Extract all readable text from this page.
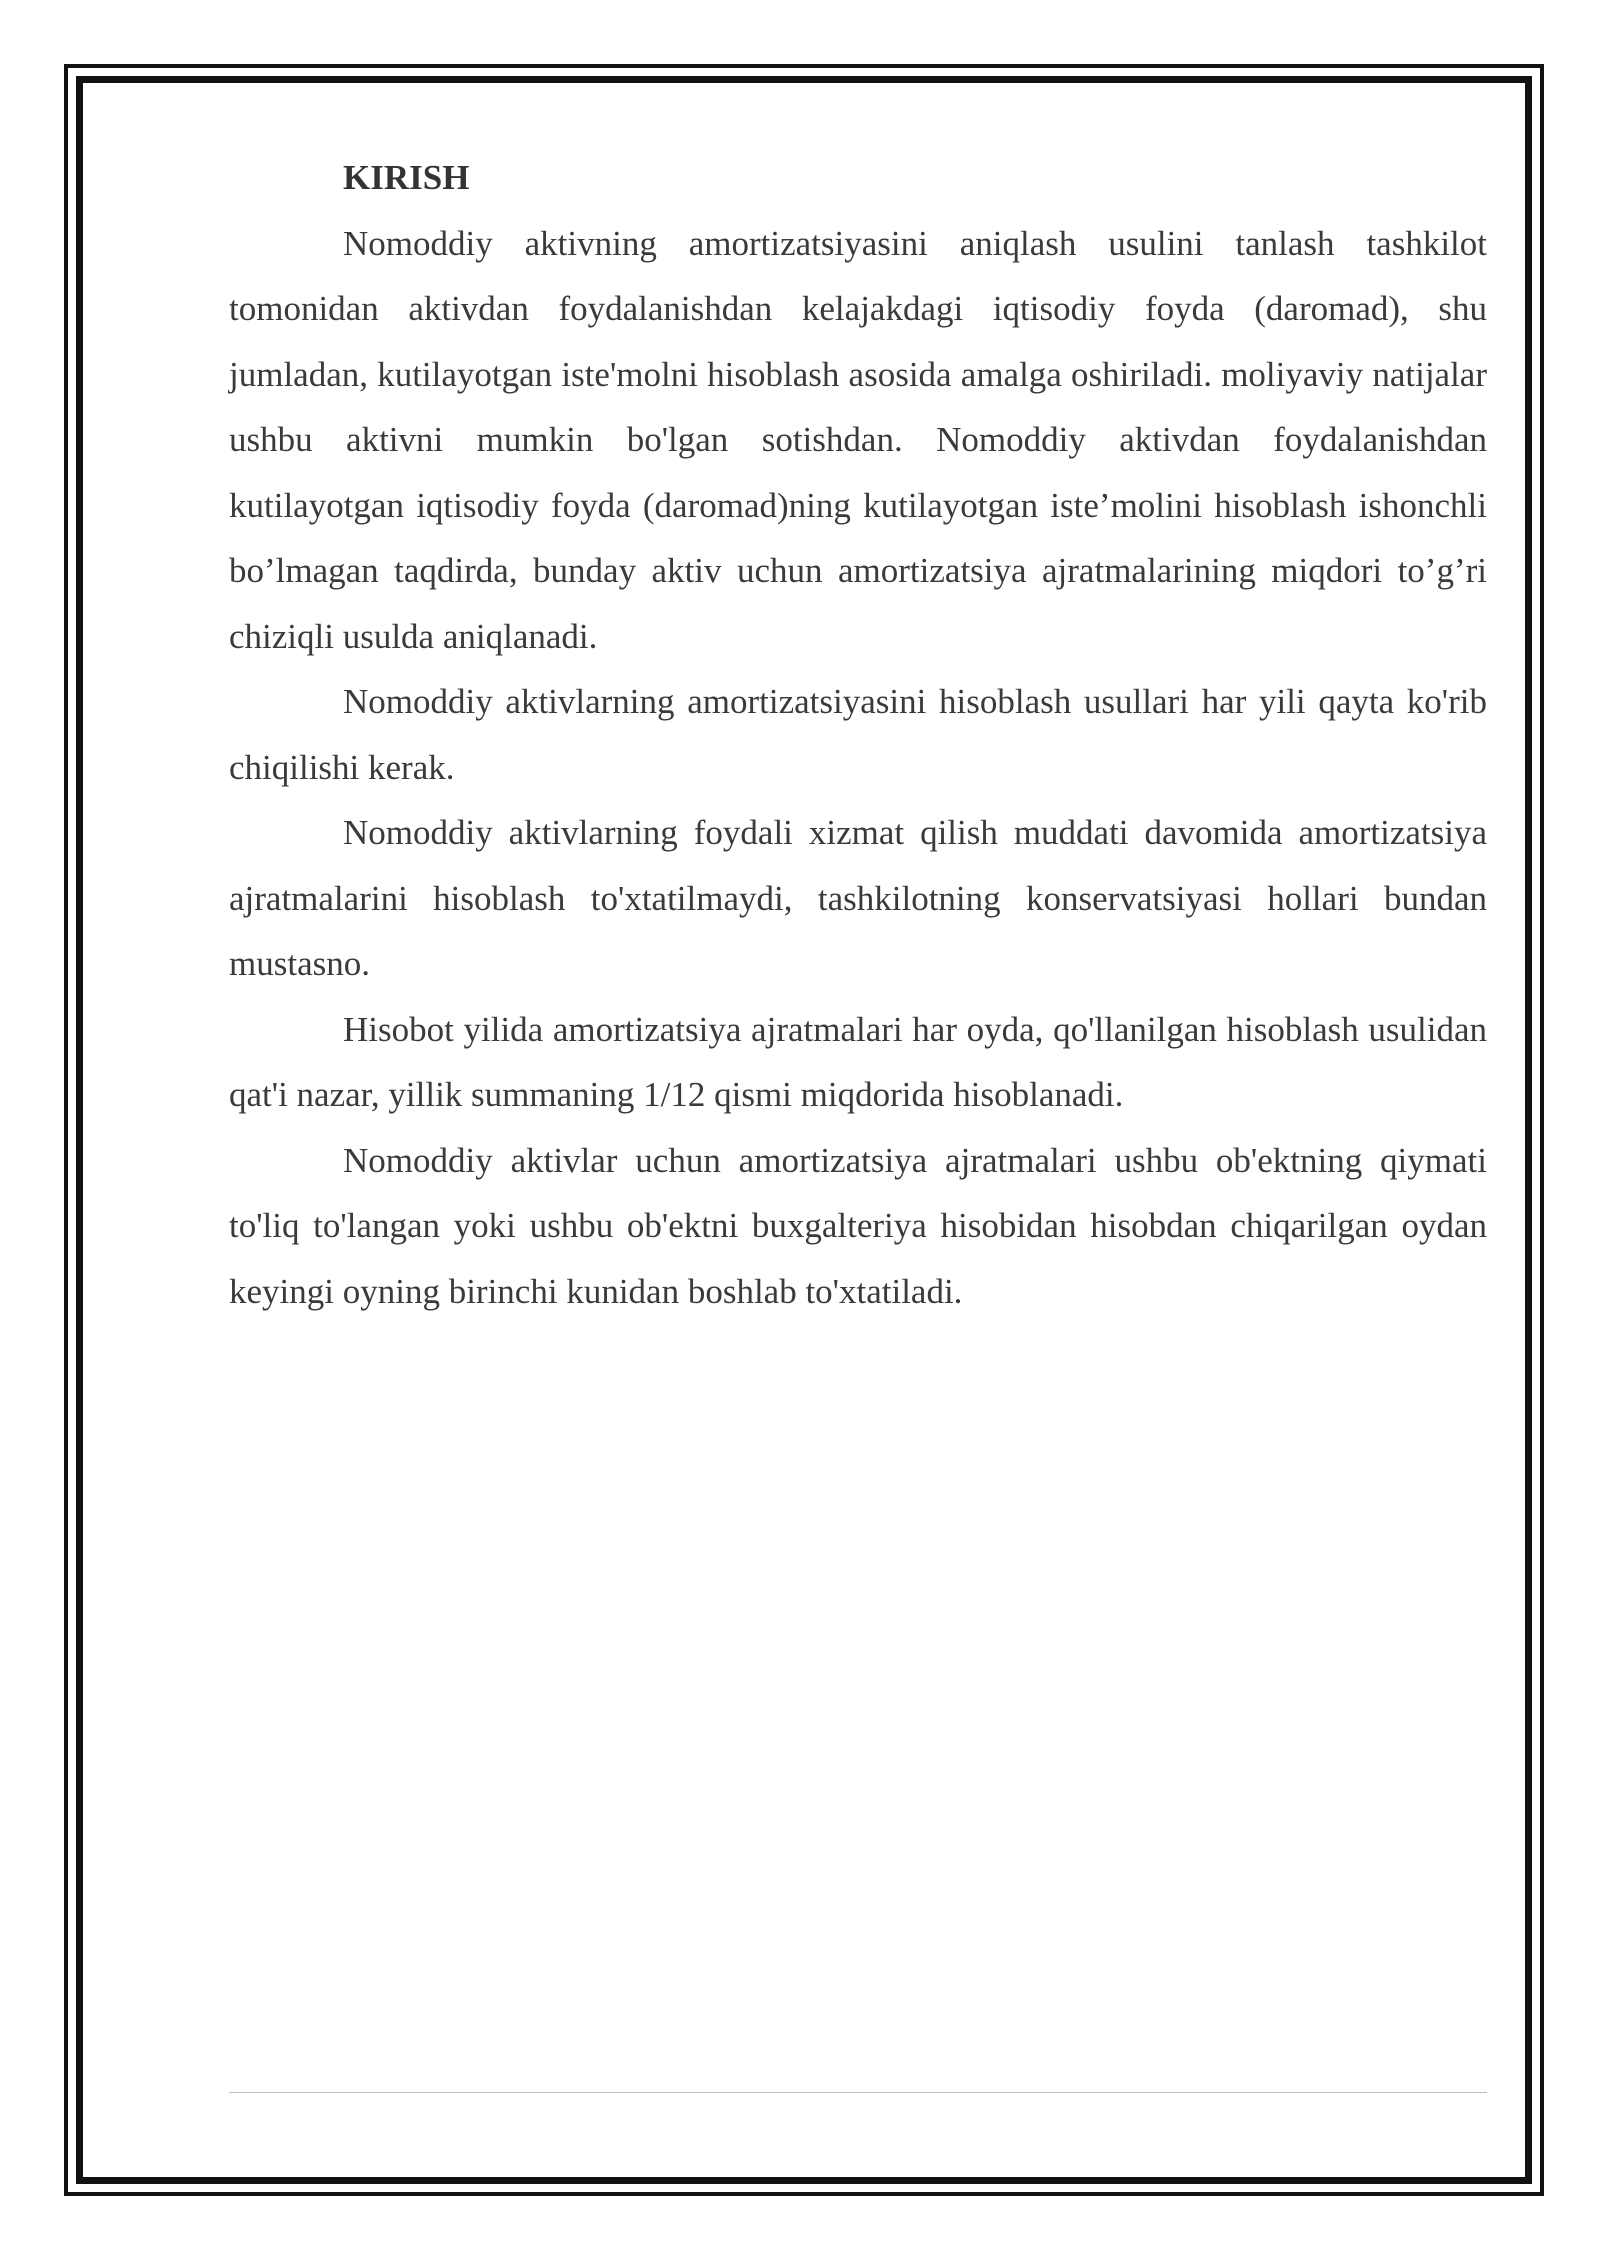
KIRISH

Nomoddiy aktivning amortizatsiyasini aniqlash usulini tanlash tashkilot tomonidan aktivdan foydalanishdan kelajakdagi iqtisodiy foyda (daromad), shu jumladan, kutilayotgan iste'molni hisoblash asosida amalga oshiriladi. moliyaviy natijalar ushbu aktivni mumkin bo'lgan sotishdan. Nomoddiy aktivdan foydalanishdan kutilayotgan iqtisodiy foyda (daromad)ning kutilayotgan iste’molini hisoblash ishonchli bo’lmagan taqdirda, bunday aktiv uchun amortizatsiya ajratmalarining miqdori to’g’ri chiziqli usulda aniqlanadi.

Nomoddiy aktivlarning amortizatsiyasini hisoblash usullari har yili qayta ko'rib chiqilishi kerak.

Nomoddiy aktivlarning foydali xizmat qilish muddati davomida amortizatsiya ajratmalarini hisoblash to'xtatilmaydi, tashkilotning konservatsiyasi hollari bundan mustasno.

Hisobot yilida amortizatsiya ajratmalari har oyda, qo'llanilgan hisoblash usulidan qat'i nazar, yillik summaning 1/12 qismi miqdorida hisoblanadi.

Nomoddiy aktivlar uchun amortizatsiya ajratmalari ushbu ob'ektning qiymati to'liq to'langan yoki ushbu ob'ektni buxgalteriya hisobidan hisobdan chiqarilgan oydan keyingi oyning birinchi kunidan boshlab to'xtatiladi.
